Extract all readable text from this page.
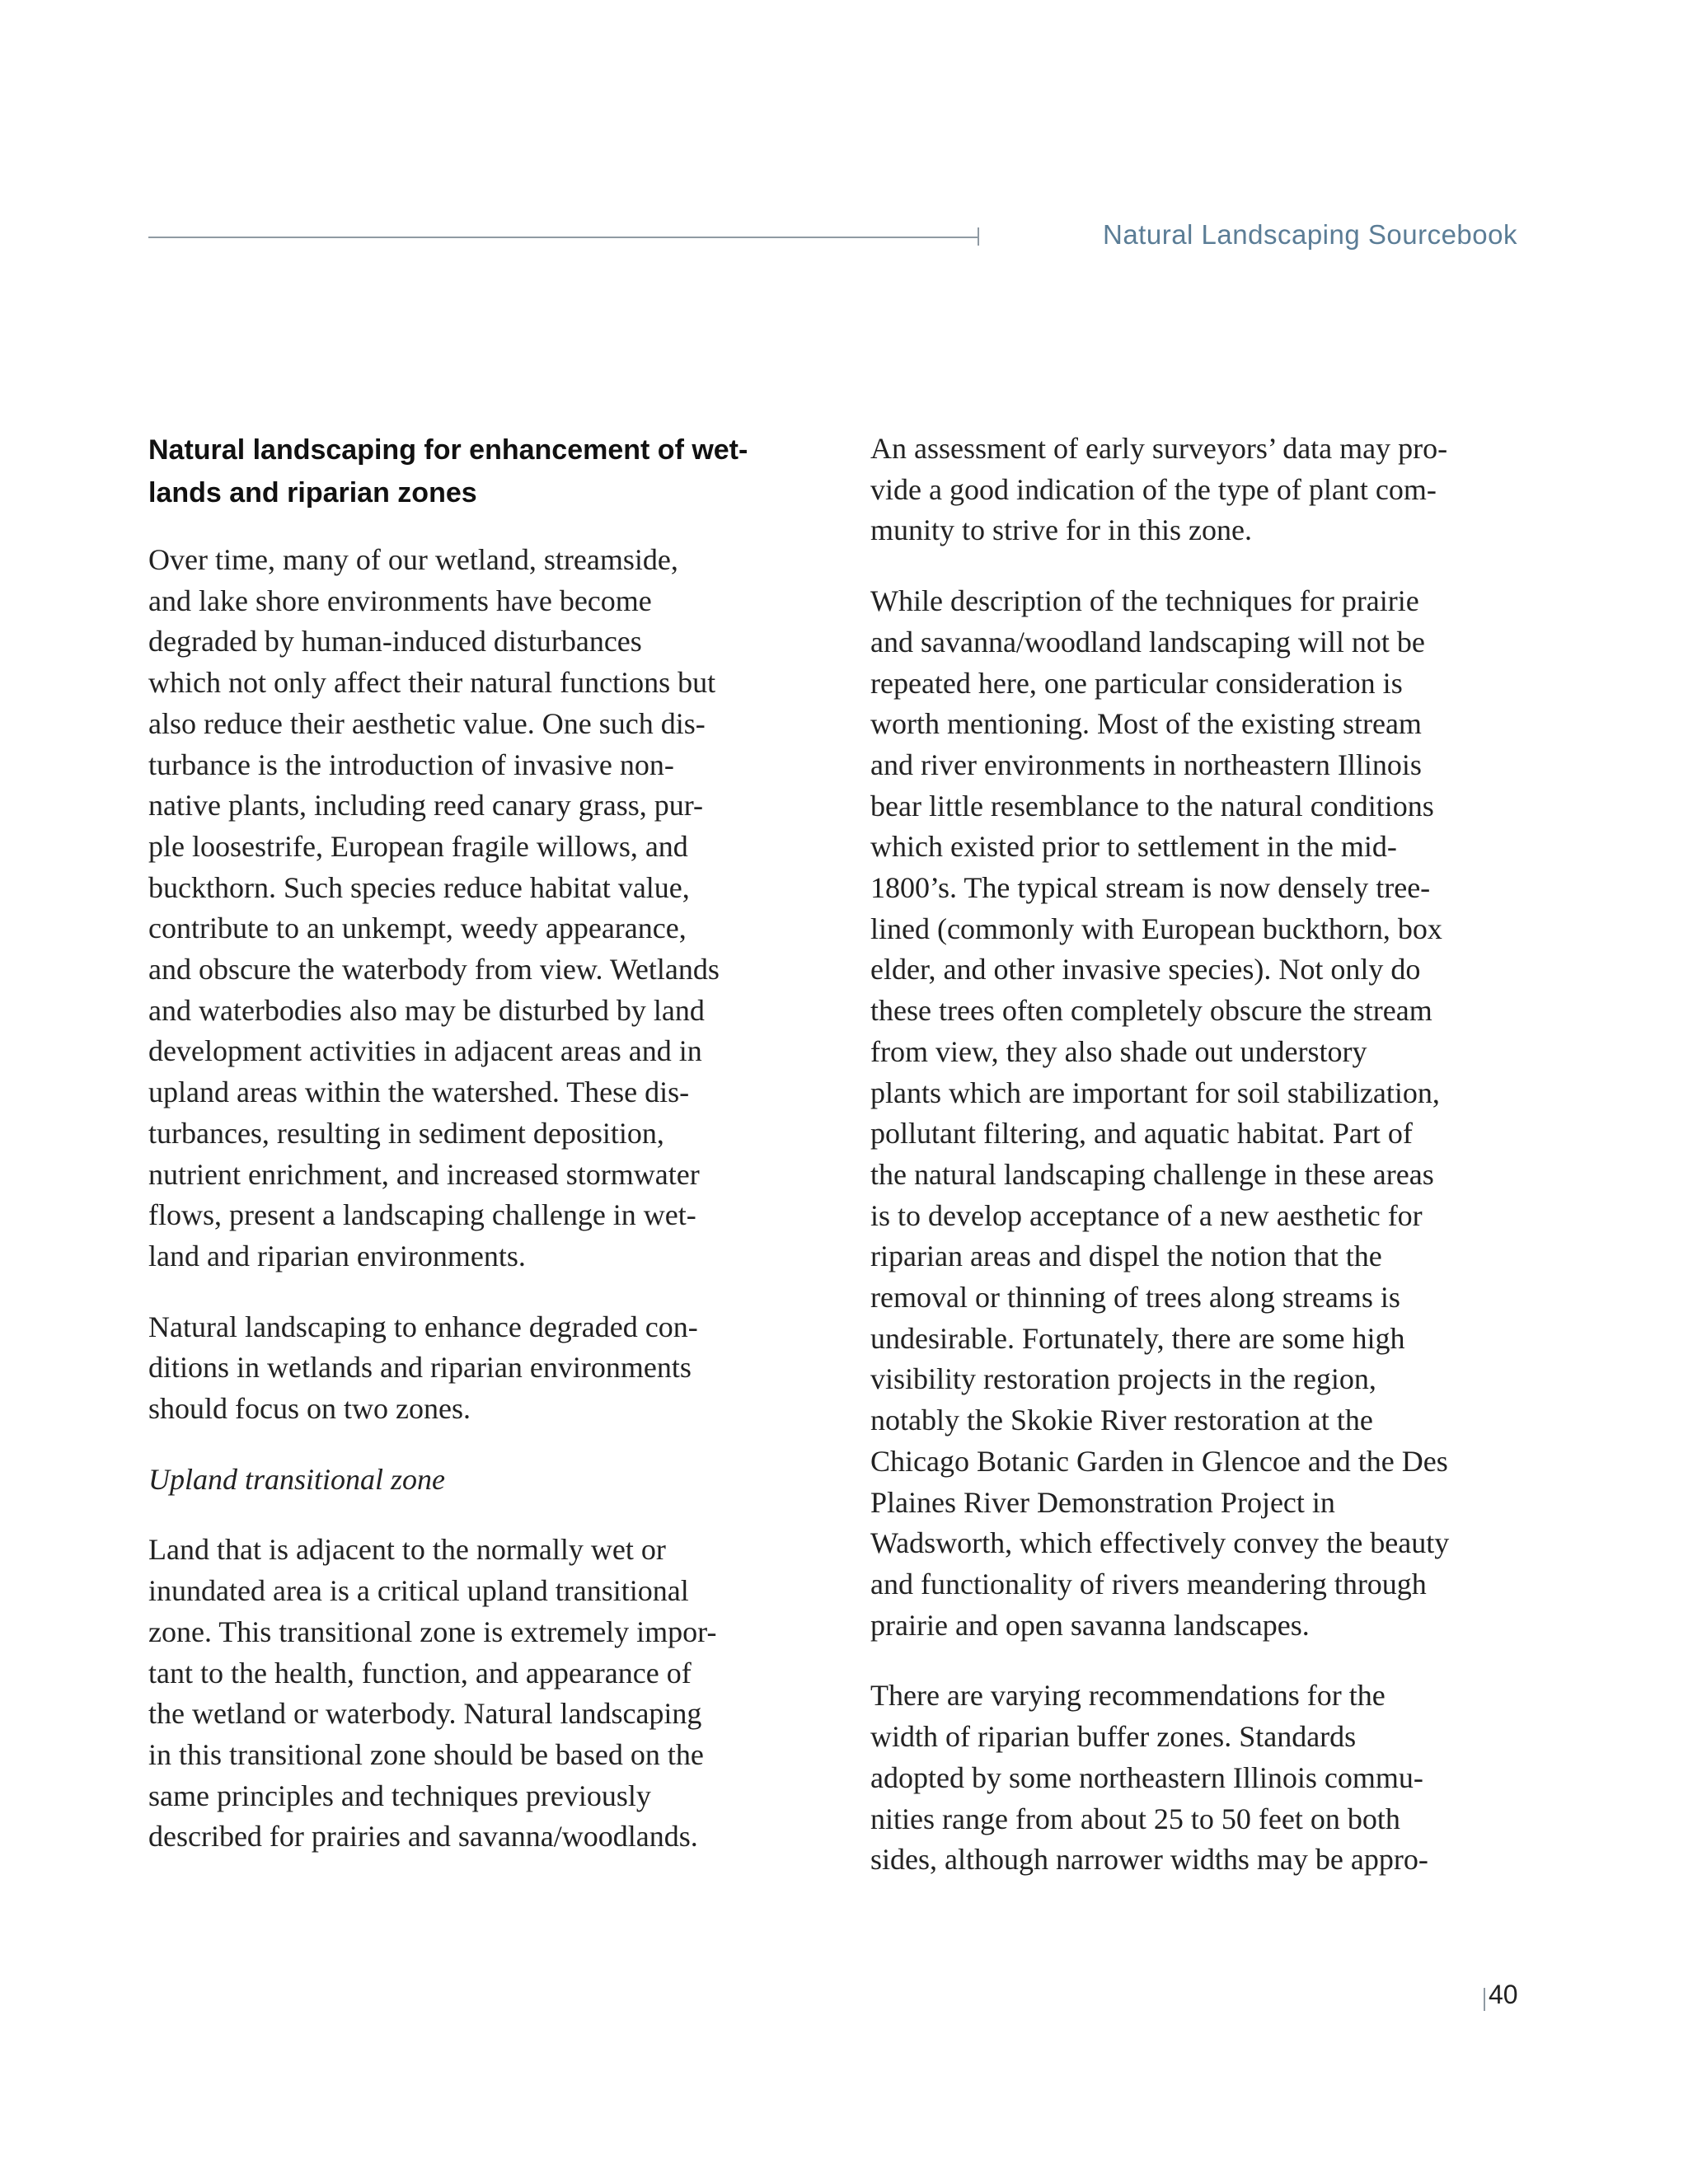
Natural Landscaping Sourcebook
Natural landscaping for enhancement of wet-
lands and riparian zones

Over time, many of our wetland, streamside,
and lake shore environments have become
degraded by human-induced disturbances
which not only affect their natural functions but
also reduce their aesthetic value. One such dis-
turbance is the introduction of invasive non-
native plants, including reed canary grass, pur-
ple loosestrife, European fragile willows, and
buckthorn. Such species reduce habitat value,
contribute to an unkempt, weedy appearance,
and obscure the waterbody from view. Wetlands
and waterbodies also may be disturbed by land
development activities in adjacent areas and in
upland areas within the watershed. These dis-
turbances, resulting in sediment deposition,
nutrient enrichment, and increased stormwater
flows, present a landscaping challenge in wet-
land and riparian environments.

Natural landscaping to enhance degraded con-
ditions in wetlands and riparian environments
should focus on two zones.

Upland transitional zone

Land that is adjacent to the normally wet or
inundated area is a critical upland transitional
zone. This transitional zone is extremely impor-
tant to the health, function, and appearance of
the wetland or waterbody. Natural landscaping
in this transitional zone should be based on the
same principles and techniques previously
described for prairies and savanna/woodlands.

An assessment of early surveyors’ data may pro-
vide a good indication of the type of plant com-
munity to strive for in this zone.

While description of the techniques for prairie
and savanna/woodland landscaping will not be
repeated here, one particular consideration is
worth mentioning. Most of the existing stream
and river environments in northeastern Illinois
bear little resemblance to the natural conditions
which existed prior to settlement in the mid-
1800’s. The typical stream is now densely tree-
lined (commonly with European buckthorn, box
elder, and other invasive species). Not only do
these trees often completely obscure the stream
from view, they also shade out understory
plants which are important for soil stabilization,
pollutant filtering, and aquatic habitat. Part of
the natural landscaping challenge in these areas
is to develop acceptance of a new aesthetic for
riparian areas and dispel the notion that the
removal or thinning of trees along streams is
undesirable. Fortunately, there are some high
visibility restoration projects in the region,
notably the Skokie River restoration at the
Chicago Botanic Garden in Glencoe and the Des
Plaines River Demonstration Project in
Wadsworth, which effectively convey the beauty
and functionality of rivers meandering through
prairie and open savanna landscapes.

There are varying recommendations for the
width of riparian buffer zones. Standards
adopted by some northeastern Illinois commu-
nities range from about 25 to 50 feet on both
sides, although narrower widths may be appro-

40
